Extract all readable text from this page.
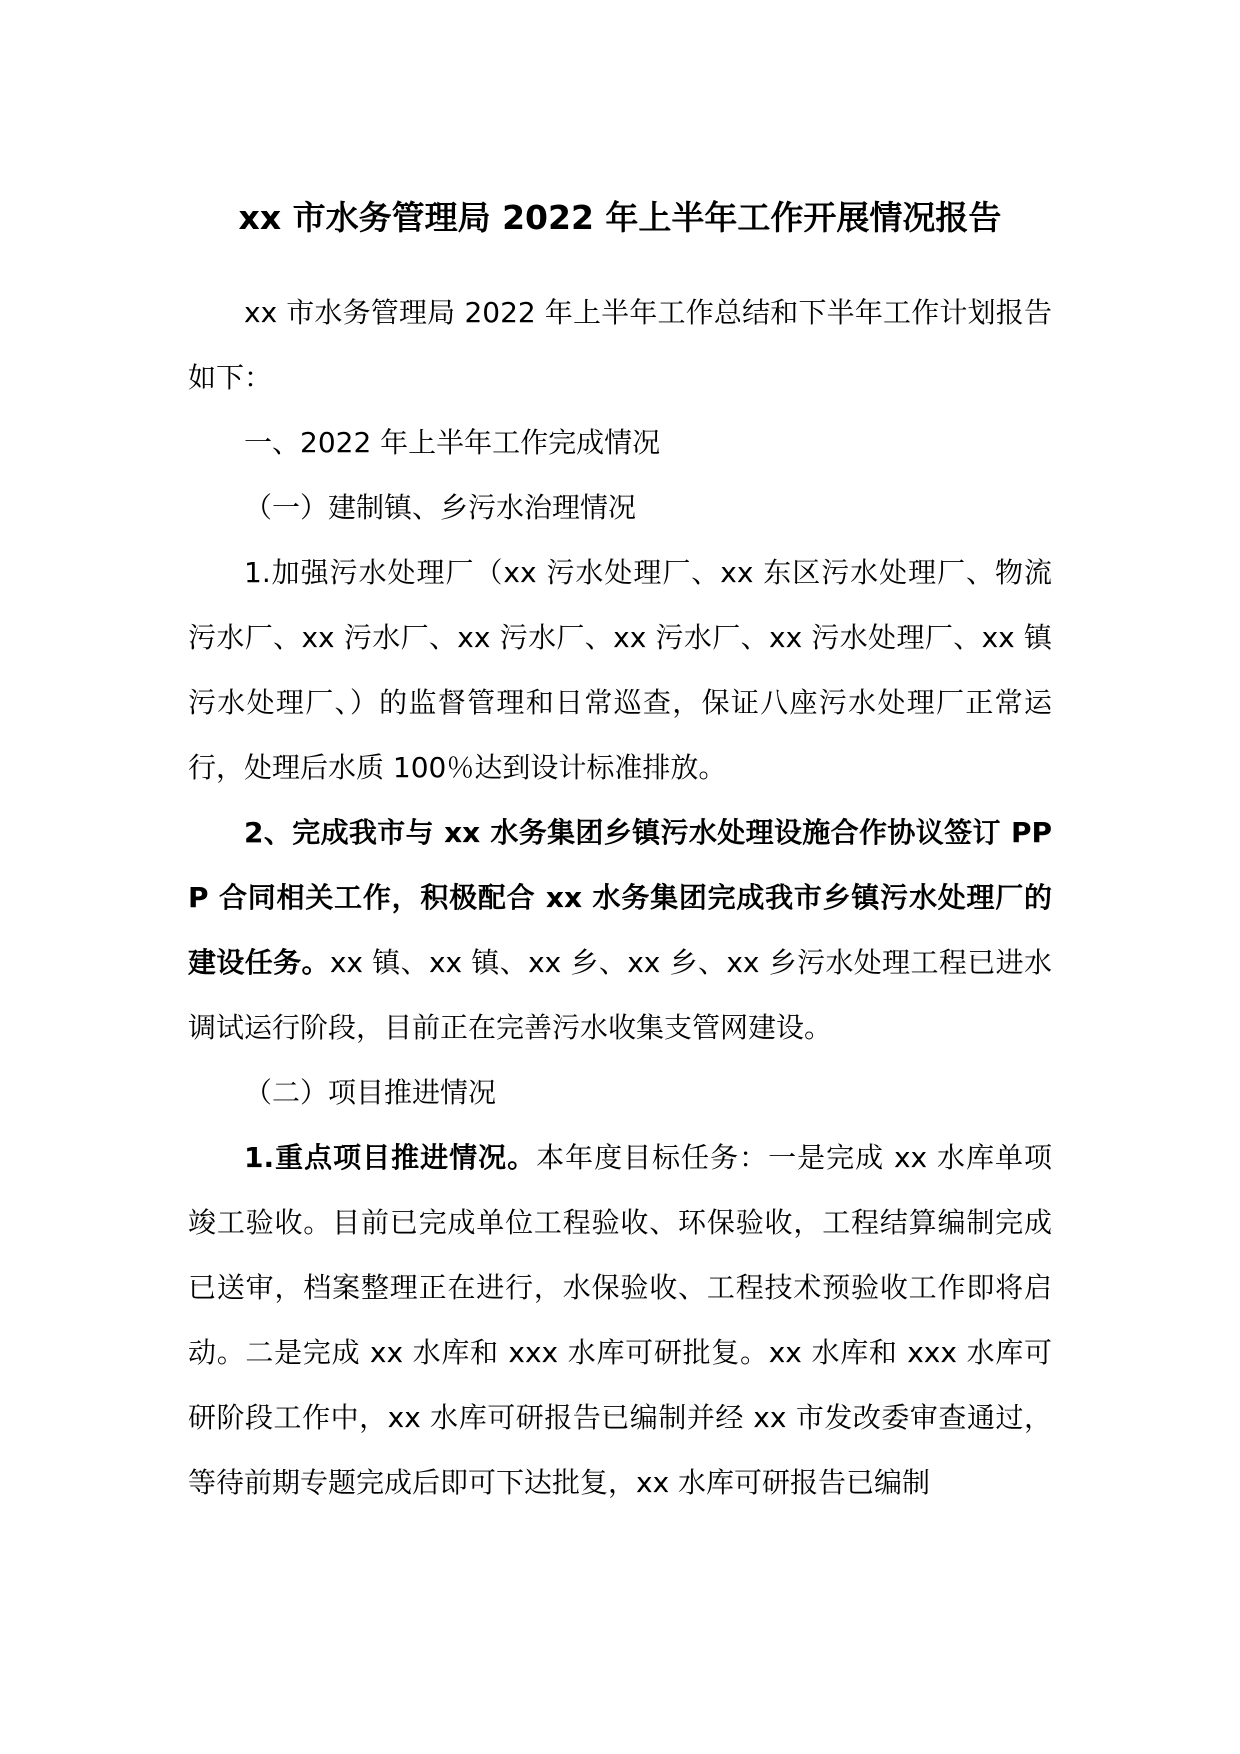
xx 市水务管理局 2022 年上半年工作开展情况报告

xx 市水务管理局 2022 年上半年工作总结和下半年工作计划报告如下：

一、2022 年上半年工作完成情况

（一）建制镇、乡污水治理情况

1.加强污水处理厂（xx 污水处理厂、xx 东区污水处理厂、物流污水厂、xx 污水厂、xx 污水厂、xx 污水厂、xx 污水处理厂、xx 镇污水处理厂、）的监督管理和日常巡查，保证八座污水处理厂正常运行，处理后水质 100％达到设计标准排放。

2、完成我市与 xx 水务集团乡镇污水处理设施合作协议签订 PPP 合同相关工作，积极配合 xx 水务集团完成我市乡镇污水处理厂的建设任务。xx 镇、xx 镇、xx 乡、xx 乡、xx 乡污水处理工程已进水调试运行阶段，目前正在完善污水收集支管网建设。

（二）项目推进情况

1.重点项目推进情况。本年度目标任务：一是完成 xx 水库单项竣工验收。目前已完成单位工程验收、环保验收，工程结算编制完成已送审，档案整理正在进行，水保验收、工程技术预验收工作即将启动。二是完成 xx 水库和 xxx 水库可研批复。xx 水库和 xxx 水库可研阶段工作中，xx 水库可研报告已编制并经 xx 市发改委审查通过，等待前期专题完成后即可下达批复，xx 水库可研报告已编制
